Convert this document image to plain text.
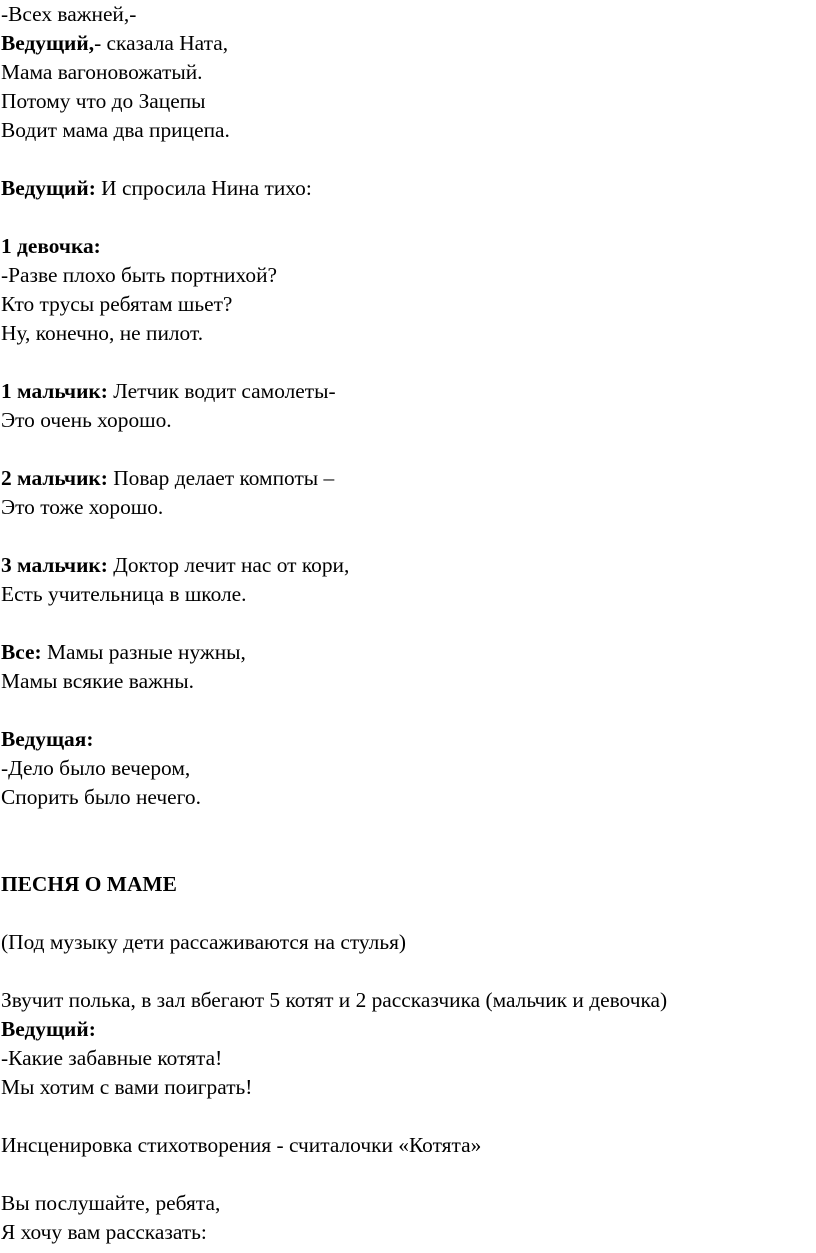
-Всех важней,-
Ведущий,- сказала Ната,
Мама вагоновожатый.
Потому что до Зацепы
Водит мама два прицепа.
Ведущий: И спросила Нина тихо:
1 девочка:
-Разве плохо быть портнихой?
Кто трусы ребятам шьет?
Ну, конечно, не пилот.
1 мальчик: Летчик водит самолеты-
Это очень хорошо.
2 мальчик: Повар делает компоты –
Это тоже хорошо.
3 мальчик: Доктор лечит нас от кори,
Есть учительница в школе.
Все: Мамы разные нужны,
Мамы всякие важны.
Ведущая:
-Дело было вечером,
Спорить было нечего.
ПЕСНЯ О МАМЕ
(Под музыку дети рассаживаются на стулья)
Звучит полька, в зал вбегают 5 котят и 2 рассказчика (мальчик и девочка)
Ведущий:
-Какие забавные котята!
Мы хотим с вами поиграть!
Инсценировка стихотворения - считалочки «Котята»
Вы послушайте, ребята,
Я хочу вам рассказать:
